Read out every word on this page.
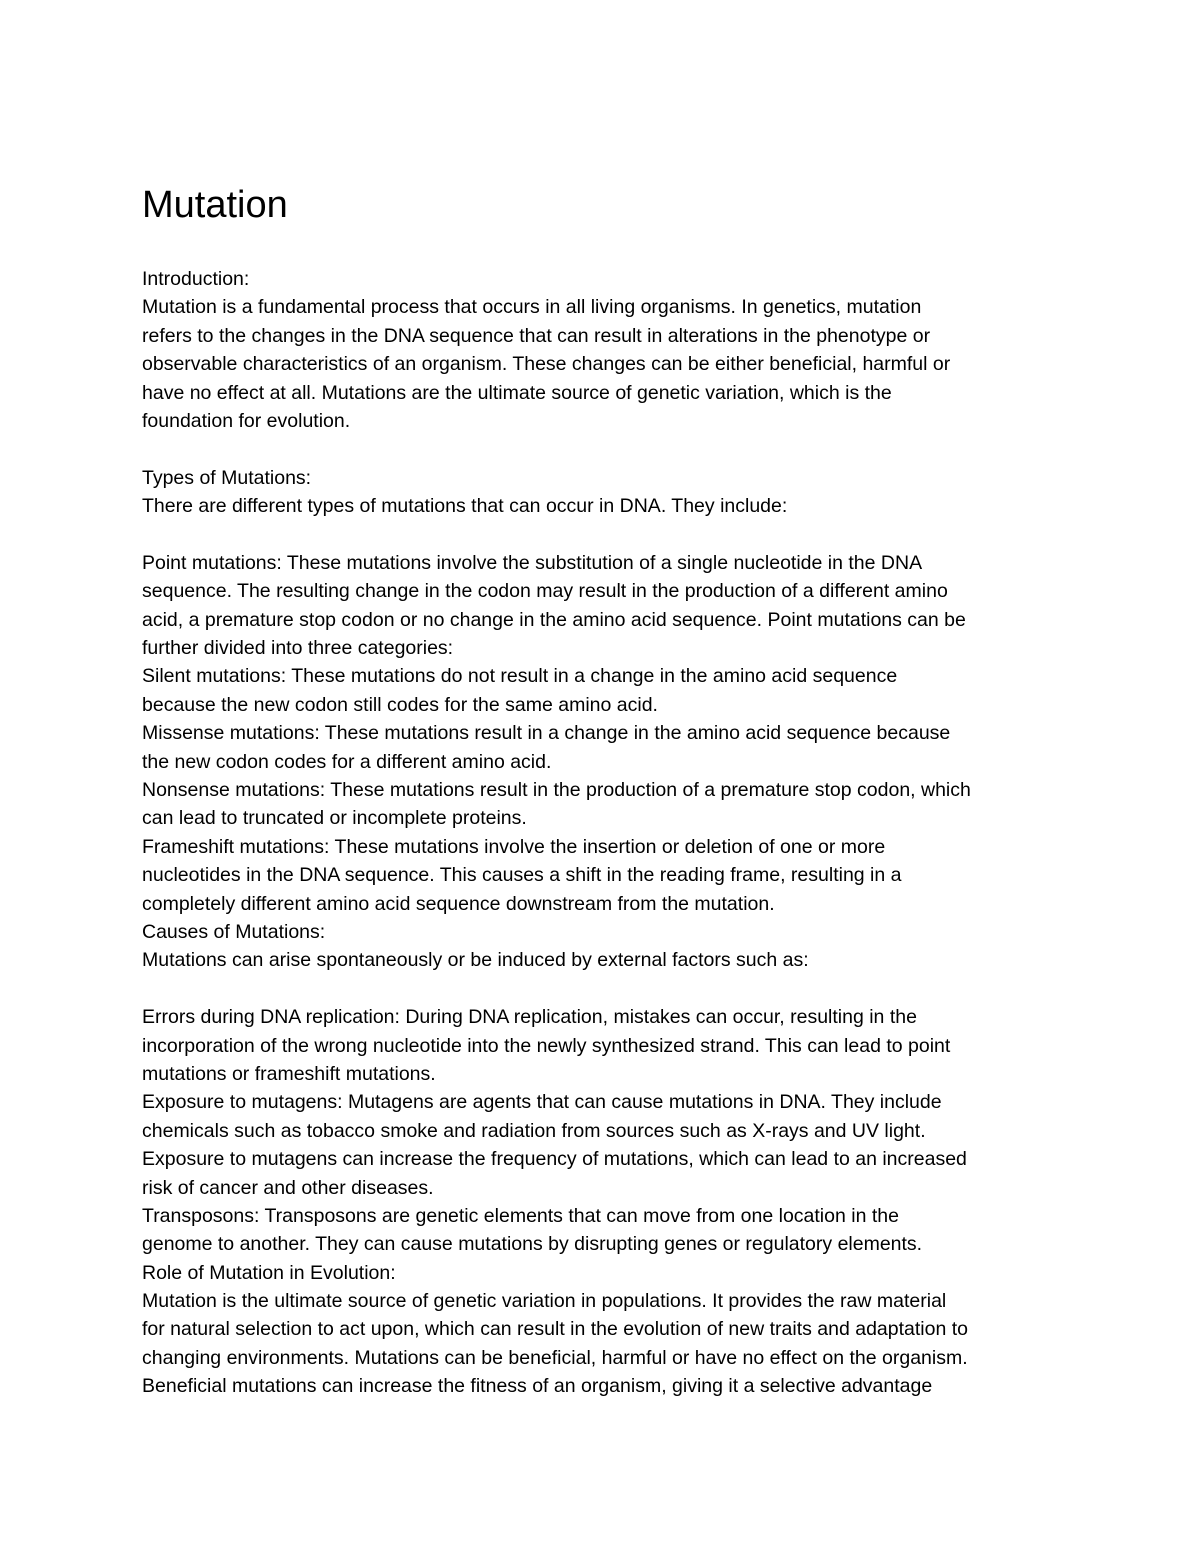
Mutation
Introduction:
Mutation is a fundamental process that occurs in all living organisms. In genetics, mutation
refers to the changes in the DNA sequence that can result in alterations in the phenotype or
observable characteristics of an organism. These changes can be either beneficial, harmful or
have no effect at all. Mutations are the ultimate source of genetic variation, which is the
foundation for evolution.
Types of Mutations:
There are different types of mutations that can occur in DNA. They include:
Point mutations: These mutations involve the substitution of a single nucleotide in the DNA
sequence. The resulting change in the codon may result in the production of a different amino
acid, a premature stop codon or no change in the amino acid sequence. Point mutations can be
further divided into three categories:
Silent mutations: These mutations do not result in a change in the amino acid sequence
because the new codon still codes for the same amino acid.
Missense mutations: These mutations result in a change in the amino acid sequence because
the new codon codes for a different amino acid.
Nonsense mutations: These mutations result in the production of a premature stop codon, which
can lead to truncated or incomplete proteins.
Frameshift mutations: These mutations involve the insertion or deletion of one or more
nucleotides in the DNA sequence. This causes a shift in the reading frame, resulting in a
completely different amino acid sequence downstream from the mutation.
Causes of Mutations:
Mutations can arise spontaneously or be induced by external factors such as:
Errors during DNA replication: During DNA replication, mistakes can occur, resulting in the
incorporation of the wrong nucleotide into the newly synthesized strand. This can lead to point
mutations or frameshift mutations.
Exposure to mutagens: Mutagens are agents that can cause mutations in DNA. They include
chemicals such as tobacco smoke and radiation from sources such as X-rays and UV light.
Exposure to mutagens can increase the frequency of mutations, which can lead to an increased
risk of cancer and other diseases.
Transposons: Transposons are genetic elements that can move from one location in the
genome to another. They can cause mutations by disrupting genes or regulatory elements.
Role of Mutation in Evolution:
Mutation is the ultimate source of genetic variation in populations. It provides the raw material
for natural selection to act upon, which can result in the evolution of new traits and adaptation to
changing environments. Mutations can be beneficial, harmful or have no effect on the organism.
Beneficial mutations can increase the fitness of an organism, giving it a selective advantage
